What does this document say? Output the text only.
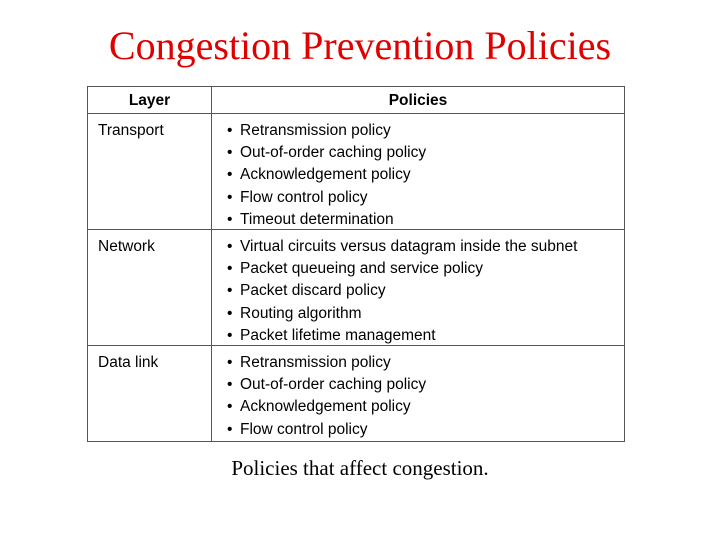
Congestion Prevention Policies
Layer	Policies
Transport	• Retransmission policy
• Out-of-order caching policy
• Acknowledgement policy
• Flow control policy
• Timeout determination
Network	• Virtual circuits versus datagram inside the subnet
• Packet queueing and service policy
• Packet discard policy
• Routing algorithm
• Packet lifetime management
Data link	• Retransmission policy
• Out-of-order caching policy
• Acknowledgement policy
• Flow control policy
Policies that affect congestion.
